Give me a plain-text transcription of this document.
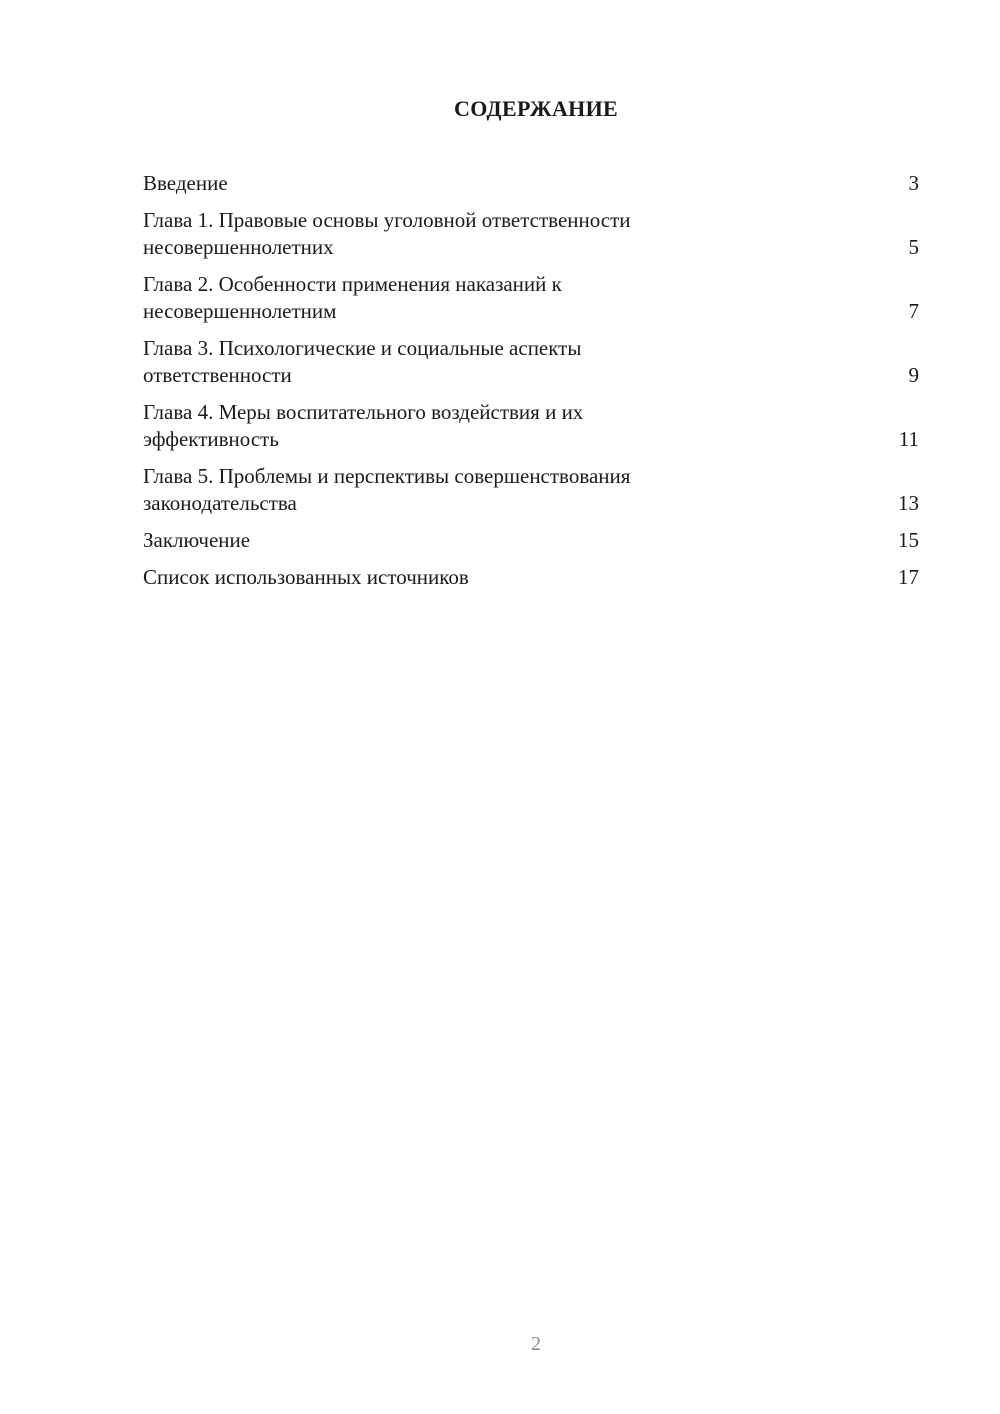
СОДЕРЖАНИЕ
Введение	3
Глава 1. Правовые основы уголовной ответственности
несовершеннолетних	5
Глава 2. Особенности применения наказаний к
несовершеннолетним	7
Глава 3. Психологические и социальные аспекты
ответственности	9
Глава 4. Меры воспитательного воздействия и их
эффективность	11
Глава 5. Проблемы и перспективы совершенствования
законодательства	13
Заключение	15
Список использованных источников	17
2
